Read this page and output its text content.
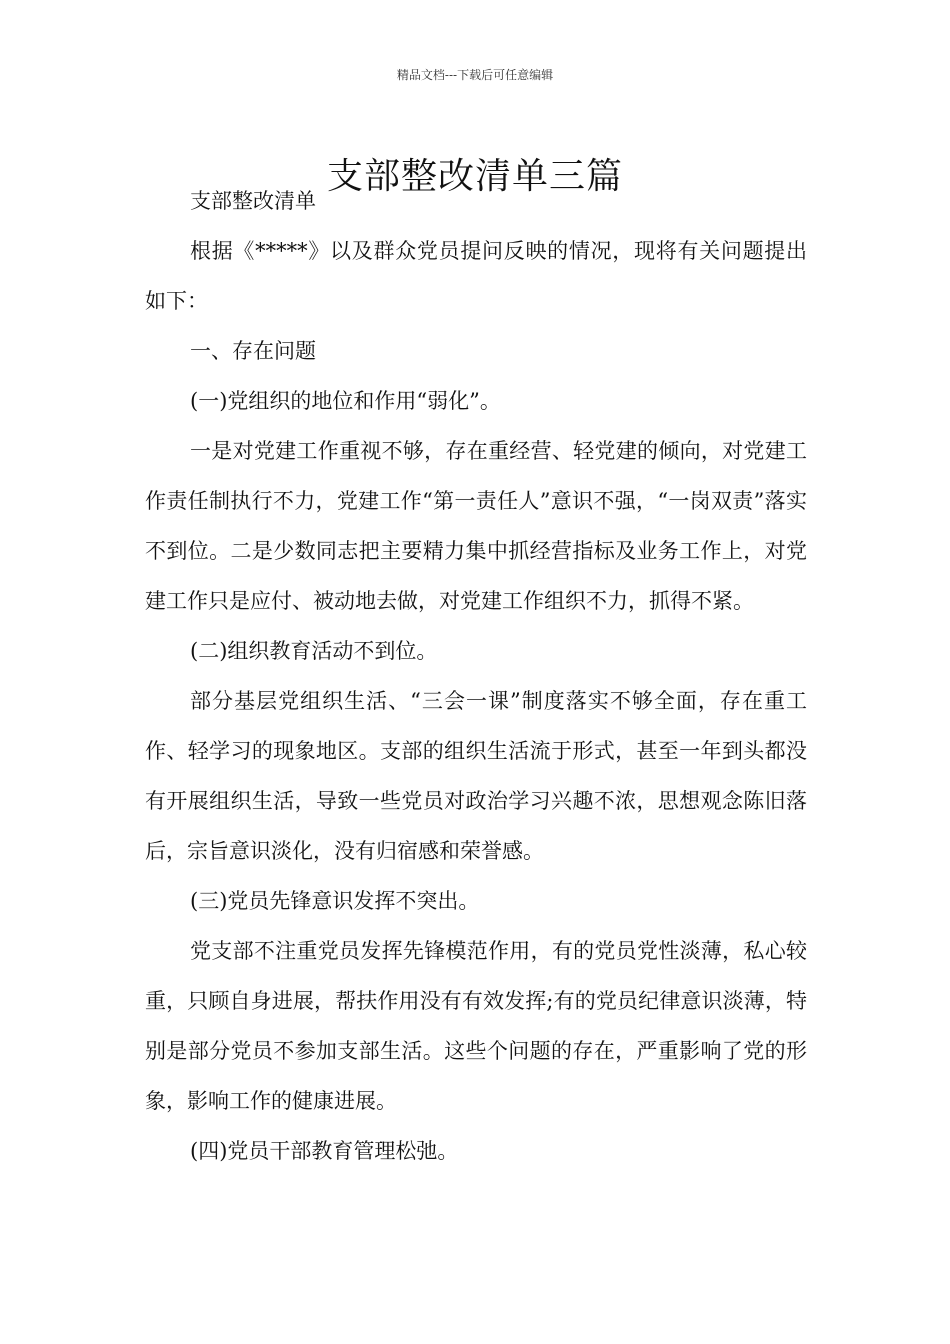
精品文档---下载后可任意编辑
支部整改清单三篇

支部整改清单

根据《*****》以及群众党员提问反映的情况，现将有关问题提出如下：

一、存在问题

(一)党组织的地位和作用“弱化”。

一是对党建工作重视不够，存在重经营、轻党建的倾向，对党建工作责任制执行不力，党建工作“第一责任人”意识不强，“一岗双责”落实不到位。二是少数同志把主要精力集中抓经营指标及业务工作上，对党建工作只是应付、被动地去做，对党建工作组织不力，抓得不紧。

(二)组织教育活动不到位。

部分基层党组织生活、“三会一课”制度落实不够全面，存在重工作、轻学习的现象地区。支部的组织生活流于形式，甚至一年到头都没有开展组织生活，导致一些党员对政治学习兴趣不浓，思想观念陈旧落后，宗旨意识淡化，没有归宿感和荣誉感。

(三)党员先锋意识发挥不突出。

党支部不注重党员发挥先锋模范作用，有的党员党性淡薄，私心较重，只顾自身进展，帮扶作用没有有效发挥;有的党员纪律意识淡薄，特别是部分党员不参加支部生活。这些个问题的存在，严重影响了党的形象，影响工作的健康进展。

(四)党员干部教育管理松弛。
